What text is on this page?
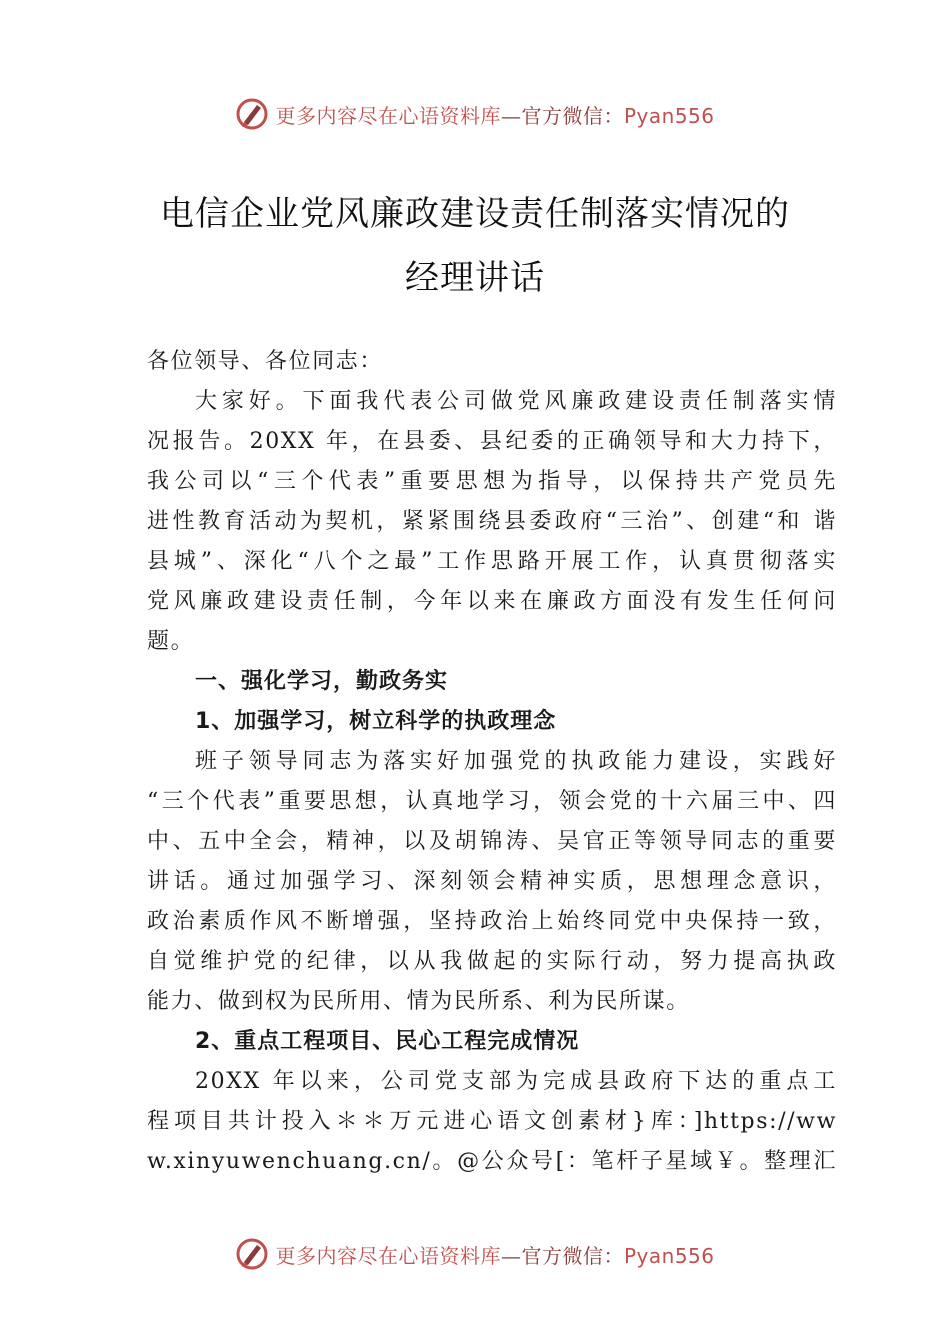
更多内容尽在心语资料库—官方微信：Pyan556
电信企业党风廉政建设责任制落实情况的
经理讲话
各位领导、各位同志：
大家好。下面我代表公司做党风廉政建设责任制落实情
况报告。20XX 年，在县委、县纪委的正确领导和大力持下，
我公司以“三个代表”重要思想为指导，以保持共产党员先
进性教育活动为契机，紧紧围绕县委政府“三治”、创建“和 谐
县城”、深化“八个之最”工作思路开展工作，认真贯彻落实
党风廉政建设责任制，今年以来在廉政方面没有发生任何问
题。
一、强化学习，勤政务实
1、加强学习，树立科学的执政理念
班子领导同志为落实好加强党的执政能力建设，实践好
“三个代表”重要思想，认真地学习，领会党的十六届三中、四
中、五中全会，精神，以及胡锦涛、吴官正等领导同志的重要
讲话。通过加强学习、深刻领会精神实质，思想理念意识，
政治素质作风不断增强，坚持政治上始终同党中央保持一致，
自觉维护党的纪律，以从我做起的实际行动，努力提高执政
能力、做到权为民所用、情为民所系、利为民所谋。
2、重点工程项目、民心工程完成情况
20XX 年以来，公司党支部为完成县政府下达的重点工
程项目共计投入＊＊万元进心语文创素材}库：]https://ww
w.xinyuwenchuang.cn/。@公众号[：笔杆子星域￥。整理汇
更多内容尽在心语资料库—官方微信：Pyan556
